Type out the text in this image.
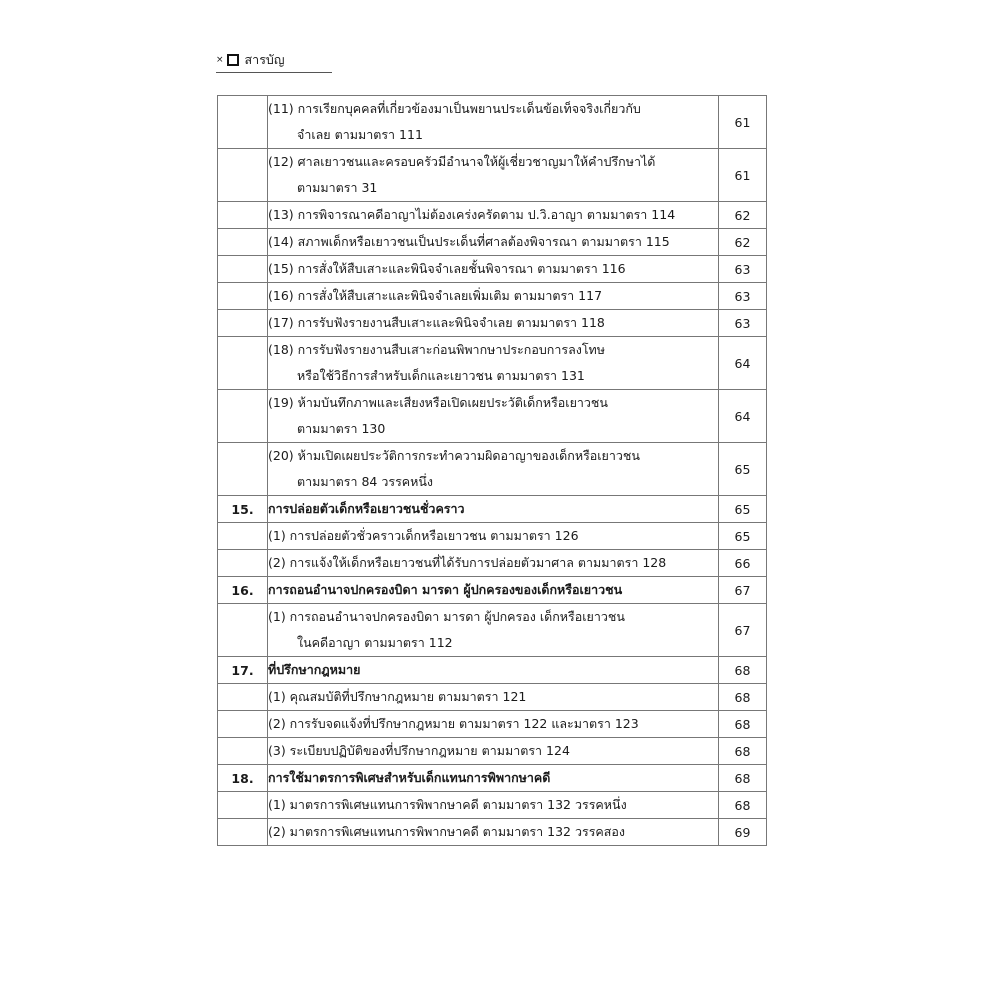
× สารบัญ

	(11) การเรียกบุคคลที่เกี่ยวข้องมาเป็นพยานประเด็นข้อเท็จจริงเกี่ยวกับ
จำเลย ตามมาตรา 111	61

	(12) ศาลเยาวชนและครอบครัวมีอำนาจให้ผู้เชี่ยวชาญมาให้คำปรึกษาได้
ตามมาตรา 31	61

	(13) การพิจารณาคดีอาญาไม่ต้องเคร่งครัดตาม ป.วิ.อาญา ตามมาตรา 114	62

	(14) สภาพเด็กหรือเยาวชนเป็นประเด็นที่ศาลต้องพิจารณา ตามมาตรา 115	62

	(15) การสั่งให้สืบเสาะและพินิจจำเลยชั้นพิจารณา ตามมาตรา 116	63

	(16) การสั่งให้สืบเสาะและพินิจจำเลยเพิ่มเติม ตามมาตรา 117	63

	(17) การรับฟังรายงานสืบเสาะและพินิจจำเลย ตามมาตรา 118	63

	(18) การรับฟังรายงานสืบเสาะก่อนพิพากษาประกอบการลงโทษ
หรือใช้วิธีการสำหรับเด็กและเยาวชน ตามมาตรา 131	64

	(19) ห้ามบันทึกภาพและเสียงหรือเปิดเผยประวัติเด็กหรือเยาวชน
ตามมาตรา 130	64

	(20) ห้ามเปิดเผยประวัติการกระทำความผิดอาญาของเด็กหรือเยาวชน
ตามมาตรา 84 วรรคหนึ่ง	65
15.	การปล่อยตัวเด็กหรือเยาวชนชั่วคราว	65

	(1) การปล่อยตัวชั่วคราวเด็กหรือเยาวชน ตามมาตรา 126	65

	(2) การแจ้งให้เด็กหรือเยาวชนที่ได้รับการปล่อยตัวมาศาล ตามมาตรา 128	66
16.	การถอนอำนาจปกครองบิดา มารดา ผู้ปกครองของเด็กหรือเยาวชน	67

	(1) การถอนอำนาจปกครองบิดา มารดา ผู้ปกครอง เด็กหรือเยาวชน
ในคดีอาญา ตามมาตรา 112	67
17.	ที่ปรึกษากฎหมาย	68

	(1) คุณสมบัติที่ปรึกษากฎหมาย ตามมาตรา 121	68

	(2) การรับจดแจ้งที่ปรึกษากฎหมาย ตามมาตรา 122 และมาตรา 123	68

	(3) ระเบียบปฏิบัติของที่ปรึกษากฎหมาย ตามมาตรา 124	68
18.	การใช้มาตรการพิเศษสำหรับเด็กแทนการพิพากษาคดี	68

	(1) มาตรการพิเศษแทนการพิพากษาคดี ตามมาตรา 132 วรรคหนึ่ง	68

	(2) มาตรการพิเศษแทนการพิพากษาคดี ตามมาตรา 132 วรรคสอง	69
